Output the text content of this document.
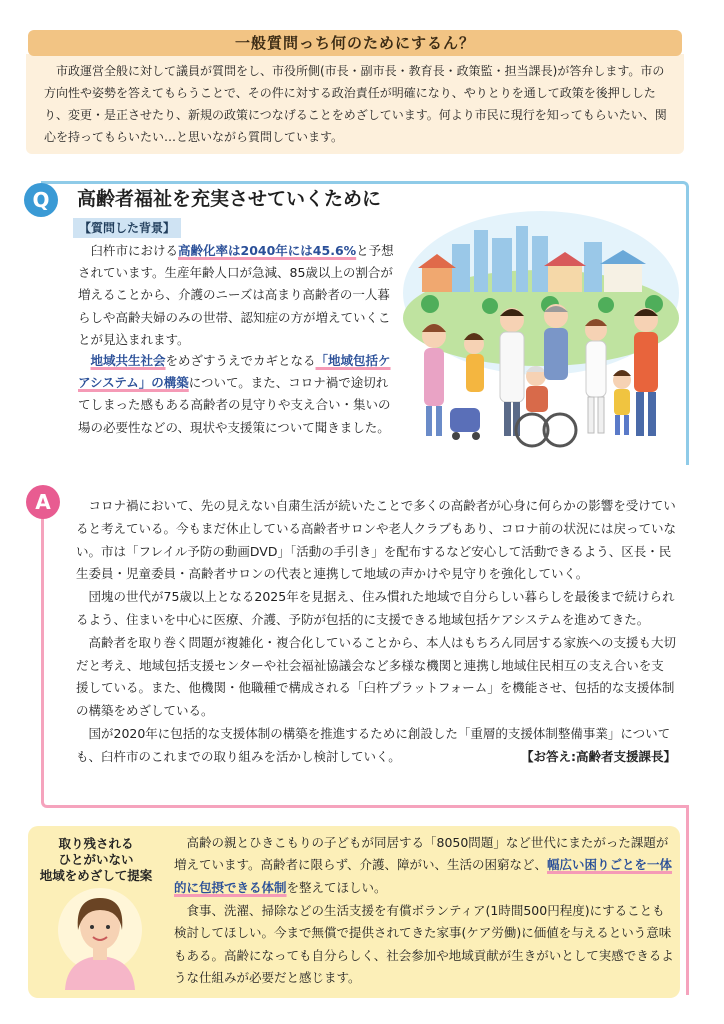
市政運営全般に対して議員が質問をし、市役所側(市長・副市長・教育長・政策監・担当課長)が答弁します。市の方向性や姿勢を答えてもらうことで、その件に対する政治責任が明確になり、やりとりを通して政策を後押ししたり、変更・是正させたり、新規の政策につなげることをめざしています。何より市民に現行を知ってもらいたい、関心を持ってもらいたい…と思いながら質問しています。

一般質問っち何のためにするん？
Q	高齢者福祉を充実させていくために
【質問した背景】

臼杵市における高齢化率は2040年には45.6%と予想されています。生産年齢人口が急減、85歳以上の割合が増えることから、介護のニーズは高まり高齢者の一人暮らしや高齢夫婦のみの世帯、認知症の方が増えていくことが見込まれます。

地域共生社会をめざすうえでカギとなる「地域包括ケアシステム」の構築について。また、コロナ禍で途切れてしまった感もある高齢者の見守りや支え合い・集いの場の必要性などの、現状や支援策について聞きました。

A	コロナ禍において、先の見えない自粛生活が続いたことで多くの高齢者が心身に何らかの影響を受けていると考えている。今もまだ休止している高齢者サロンや老人クラブもあり、コロナ前の状況には戻っていない。市は「フレイル予防の動画DVD」「活動の手引き」を配布するなど安心して活動できるよう、区長・民生委員・児童委員・高齢者サロンの代表と連携して地域の声かけや見守りを強化していく。

団塊の世代が75歳以上となる2025年を見据え、住み慣れた地域で自分らしい暮らしを最後まで続けられるよう、住まいを中心に医療、介護、予防が包括的に支援できる地域包括ケアシステムを進めてきた。

高齢者を取り巻く問題が複雑化・複合化していることから、本人はもちろん同居する家族への支援も大切だと考え、地域包括支援センターや社会福祉協議会など多様な機関と連携し地域住民相互の支え合いを支援している。また、他機関・他職種で構成される「臼杵プラットフォーム」を機能させ、包括的な支援体制の構築をめざしている。

国が2020年に包括的な支援体制の構築を推進するために創設した「重層的支援体制整備事業」についても、臼杵市のこれまでの取り組みを活かし検討していく。	【お答え:高齢者支援課長】
取り残される
ひとがいない
地域をめざして提案

高齢の親とひきこもりの子どもが同居する「8050問題」など世代にまたがった課題が増えています。高齢者に限らず、介護、障がい、生活の困窮など、幅広い困りごとを一体的に包摂できる体制を整えてほしい。

食事、洗濯、掃除などの生活支援を有償ボランティア(1時間500円程度)にすることも検討してほしい。今まで無償で提供されてきた家事(ケア労働)に価値を与えるという意味もある。高齢になっても自分らしく、社会参加や地域貢献が生きがいとして実感できるような仕組みが必要だと感じます。
